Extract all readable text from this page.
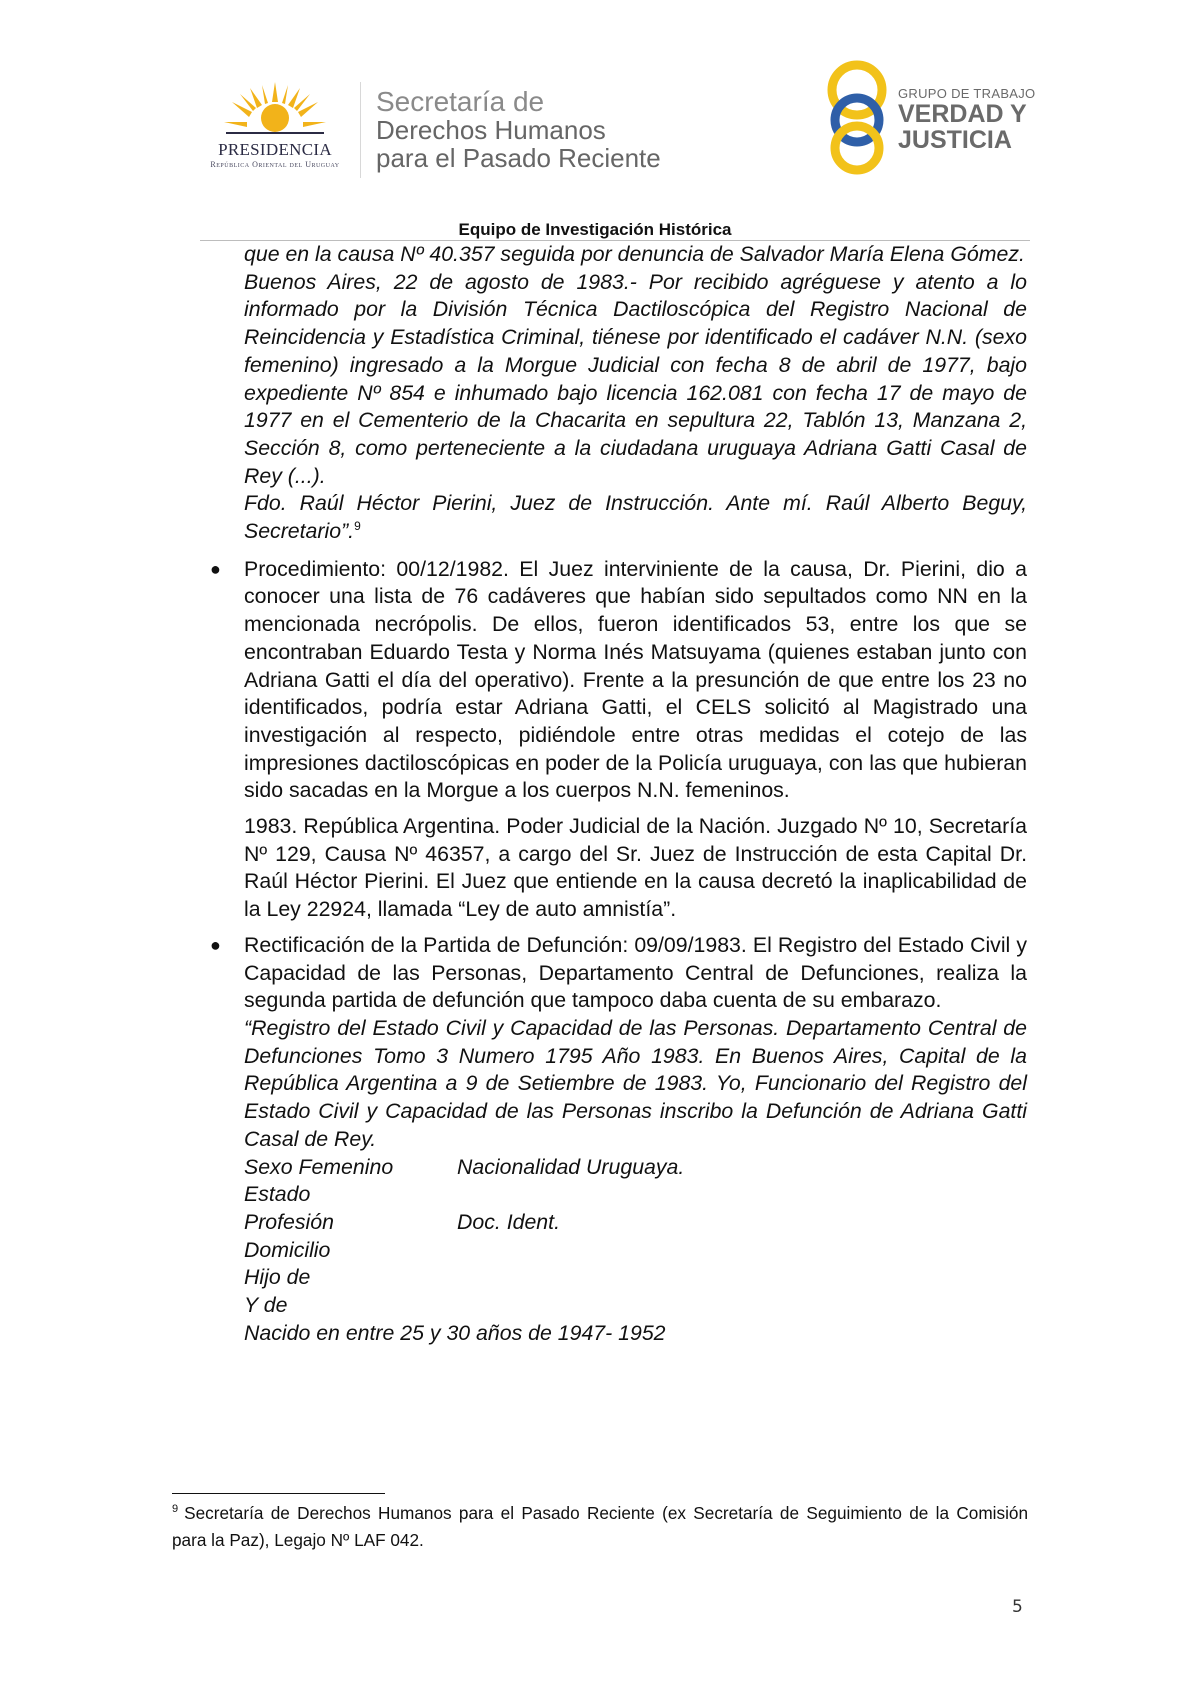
PRESIDENCIA
República Oriental del Uruguay
Secretaría de
Derechos Humanos
para el Pasado Reciente
GRUPO DE TRABAJO
VERDAD Y
JUSTICIA
Equipo de Investigación Histórica

que en la causa Nº 40.357 seguida por denuncia de Salvador María Elena Gómez.

Buenos Aires, 22 de agosto de 1983.- Por recibido agréguese y atento a lo informado por la División Técnica Dactiloscópica del Registro Nacional de Reincidencia y Estadística Criminal, tiénese por identificado el cadáver N.N. (sexo femenino) ingresado a la Morgue Judicial con fecha 8 de abril de 1977, bajo expediente Nº 854 e inhumado bajo licencia 162.081 con fecha 17 de mayo de 1977 en el Cementerio de la Chacarita en sepultura 22, Tablón 13, Manzana 2, Sección 8, como perteneciente a la ciudadana uruguaya Adriana Gatti Casal de Rey (...).

Fdo. Raúl Héctor Pierini, Juez de Instrucción. Ante mí. Raúl Alberto Beguy, Secretario”.$^9$

● Procedimiento: 00/12/1982. El Juez interviniente de la causa, Dr. Pierini, dio a conocer una lista de 76 cadáveres que habían sido sepultados como NN en la mencionada necrópolis. De ellos, fueron identificados 53, entre los que se encontraban Eduardo Testa y Norma Inés Matsuyama (quienes estaban junto con Adriana Gatti el día del operativo). Frente a la presunción de que entre los 23 no identificados, podría estar Adriana Gatti, el CELS solicitó al Magistrado una investigación al respecto, pidiéndole entre otras medidas el cotejo de las impresiones dactiloscópicas en poder de la Policía uruguaya, con las que hubieran sido sacadas en la Morgue a los cuerpos N.N. femeninos.

1983. República Argentina. Poder Judicial de la Nación. Juzgado Nº 10, Secretaría Nº 129, Causa Nº 46357, a cargo del Sr. Juez de Instrucción de esta Capital Dr. Raúl Héctor Pierini. El Juez que entiende en la causa decretó la inaplicabilidad de la Ley 22924, llamada “Ley de auto amnistía”.

● Rectificación de la Partida de Defunción: 09/09/1983. El Registro del Estado Civil y Capacidad de las Personas, Departamento Central de Defunciones, realiza la segunda partida de defunción que tampoco daba cuenta de su embarazo.

“Registro del Estado Civil y Capacidad de las Personas. Departamento Central de Defunciones Tomo 3 Numero 1795 Año 1983. En Buenos Aires, Capital de la República Argentina a 9 de Setiembre de 1983. Yo, Funcionario del Registro del Estado Civil y Capacidad de las Personas inscribo la Defunción de Adriana Gatti Casal de Rey.

Sexo Femenino	Nacionalidad Uruguaya.
Estado
Profesión	Doc. Ident.
Domicilio
Hijo de
Y de

Nacido en entre 25 y 30 años de 1947- 1952

$^9$ Secretaría de Derechos Humanos para el Pasado Reciente (ex Secretaría de Seguimiento de la Comisión para la Paz), Legajo Nº LAF 042.
5
